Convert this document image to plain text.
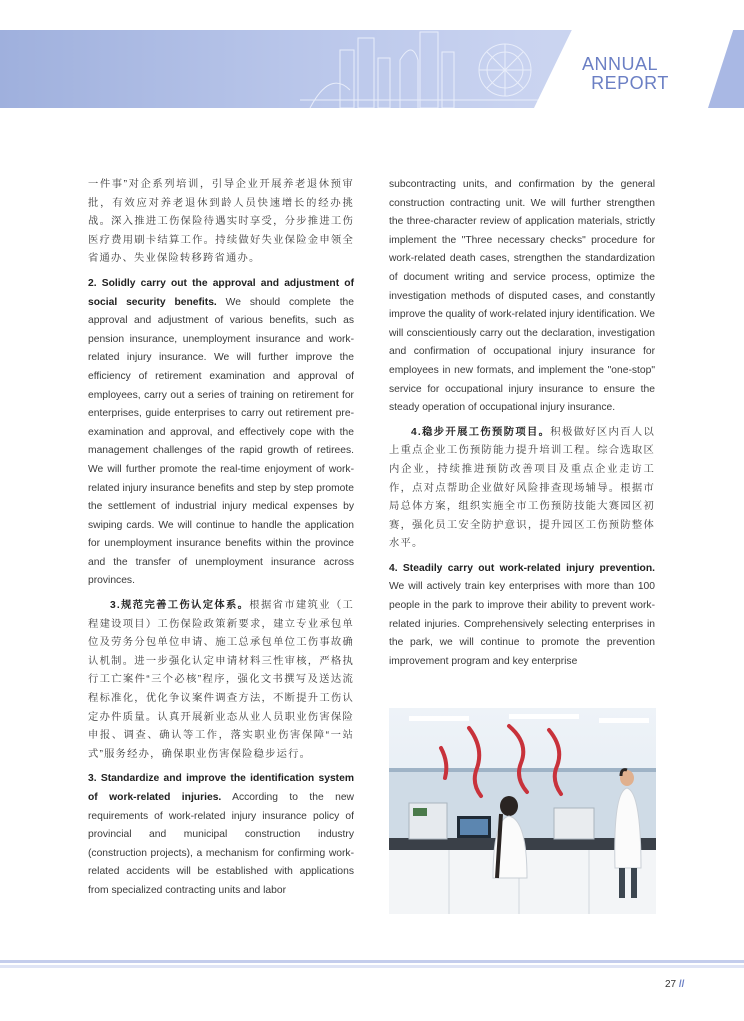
ANNUAL
REPORT

一件事”对企系列培训，引导企业开展养老退休预审批，有效应对养老退休到龄人员快速增长的经办挑战。深入推进工伤保险待遇实时享受，分步推进工伤医疗费用刷卡结算工作。持续做好失业保险金申领全省通办、失业保险转移跨省通办。

2. Solidly carry out the approval and adjustment of social security benefits. We should complete the approval and adjustment of various benefits, such as pension insurance, unemployment insurance and work-related injury insurance. We will further improve the efficiency of retirement examination and approval of employees, carry out a series of training on retirement for enterprises, guide enterprises to carry out retirement pre-examination and approval, and effectively cope with the management challenges of the rapid growth of retirees. We will further promote the real-time enjoyment of work-related injury insurance benefits and step by step promote the settlement of industrial injury medical expenses by swiping cards. We will continue to handle the application for unemployment insurance benefits within the province and the transfer of unemployment insurance across provinces.

3.规范完善工伤认定体系。根据省市建筑业（工程建设项目）工伤保险政策新要求，建立专业承包单位及劳务分包单位申请、施工总承包单位工伤事故确认机制。进一步强化认定申请材料三性审核，严格执行工亡案件“三个必核”程序，强化文书撰写及送达流程标准化，优化争议案件调查方法，不断提升工伤认定办件质量。认真开展新业态从业人员职业伤害保险申报、调查、确认等工作，落实职业伤害保障“一站式”服务经办，确保职业伤害保险稳步运行。

3. Standardize and improve the identification system of work-related injuries. According to the new requirements of work-related injury insurance policy of provincial and municipal construction industry (construction projects), a mechanism for confirming work-related accidents will be established with applications from specialized contracting units and labor

subcontracting units, and confirmation by the general construction contracting unit. We will further strengthen the three-character review of application materials, strictly implement the "Three necessary checks" procedure for work-related death cases, strengthen the standardization of document writing and service process, optimize the investigation methods of disputed cases, and constantly improve the quality of work-related injury identification. We will conscientiously carry out the declaration, investigation and confirmation of occupational injury insurance for employees in new formats, and implement the "one-stop" service for occupational injury insurance to ensure the steady operation of occupational injury insurance.

4.稳步开展工伤预防项目。积极做好区内百人以上重点企业工伤预防能力提升培训工程。综合选取区内企业，持续推进预防改善项目及重点企业走访工作，点对点帮助企业做好风险排查现场辅导。根据市局总体方案，组织实施全市工伤预防技能大赛园区初赛，强化员工安全防护意识，提升园区工伤预防整体水平。

4. Steadily carry out work-related injury prevention. We will actively train key enterprises with more than 100 people in the park to improve their ability to prevent work-related injuries. Comprehensively selecting enterprises in the park, we will continue to promote the prevention improvement program and key enterprise

27 //
